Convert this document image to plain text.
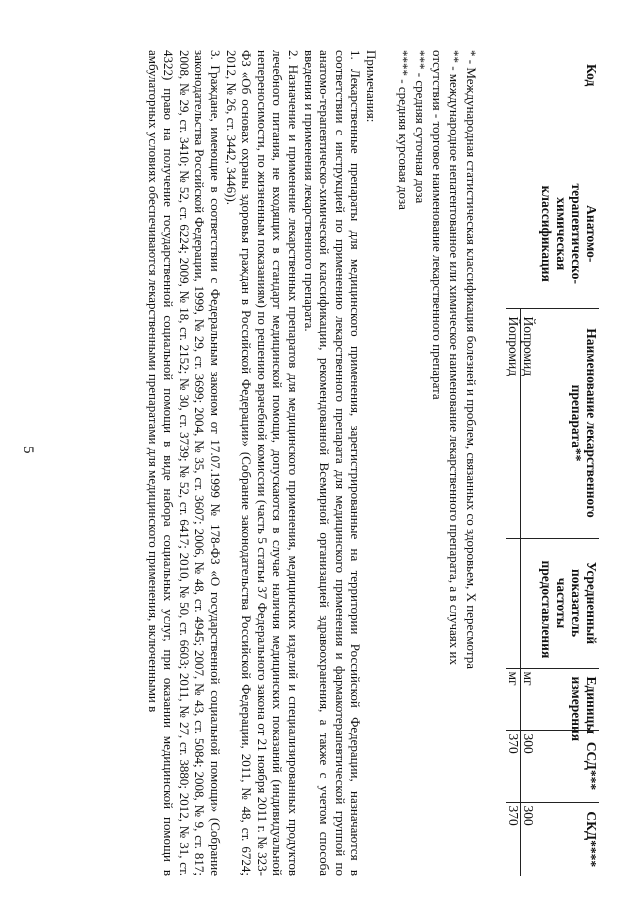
5
Код	Анатомо-терапевтическо-химическая классификация	Наименование лекарственного препарата**	Усредненный показатель частоты предоставления	Единицы измерения	ССД***	СКД****
		Йопромид		мг	300	300
		Йопромид		мг	370	370
* - Международная статистическая классификация болезней и проблем, связанных со здоровьем, X пересмотра
** - международное непатентованное или химическое наименование лекарственного препарата, а в случаях их
отсутствия - торговое наименование лекарственного препарата
*** - средняя суточная доза
**** - средняя курсовая доза

Примечания:

1. Лекарственные препараты для медицинского применения, зарегистрированные на территории Российской Федерации, назначаются в соответствии с инструкцией по применению лекарственного препарата для медицинского применения и фармакотерапевтической группой по анатомо-терапевтическо-химической классификации, рекомендованной Всемирной организацией здравоохранения, а также с учетом способа введения и применения лекарственного препарата.

2. Назначение и применение лекарственных препаратов для медицинского применения, медицинских изделий и специализированных продуктов лечебного питания, не входящих в стандарт медицинской помощи, допускаются в случае наличия медицинских показаний (индивидуальной непереносимости, по жизненным показаниям) по решению врачебной комиссии (часть 5 статьи 37 Федерального закона от 21 ноября 2011 г. № 323-ФЗ «Об основах охраны здоровья граждан в Российской Федерации» (Собрание законодательства Российской Федерации, 2011, № 48, ст. 6724; 2012, № 26, ст. 3442, 3446)).

3. Граждане, имеющие в соответствии с Федеральным законом от 17.07.1999 № 178-ФЗ «О государственной социальной помощи» (Собрание законодательства Российской Федерации, 1999, № 29, ст. 3699; 2004, № 35, ст. 3607; 2006, № 48, ст. 4945; 2007, № 43, ст. 5084; 2008, № 9, ст. 817; 2008, № 29, ст. 3410; № 52, ст. 6224; 2009, № 18, ст. 2152; № 30, ст. 3739; № 52, ст. 6417; 2010, № 50, ст. 6603; 2011, № 27, ст. 3880; 2012, № 31, ст. 4322) право на получение государственной социальной помощи в виде набора социальных услуг, при оказании медицинской помощи в амбулаторных условиях обеспечиваются лекарственными препаратами для медицинского применения, включенными в
